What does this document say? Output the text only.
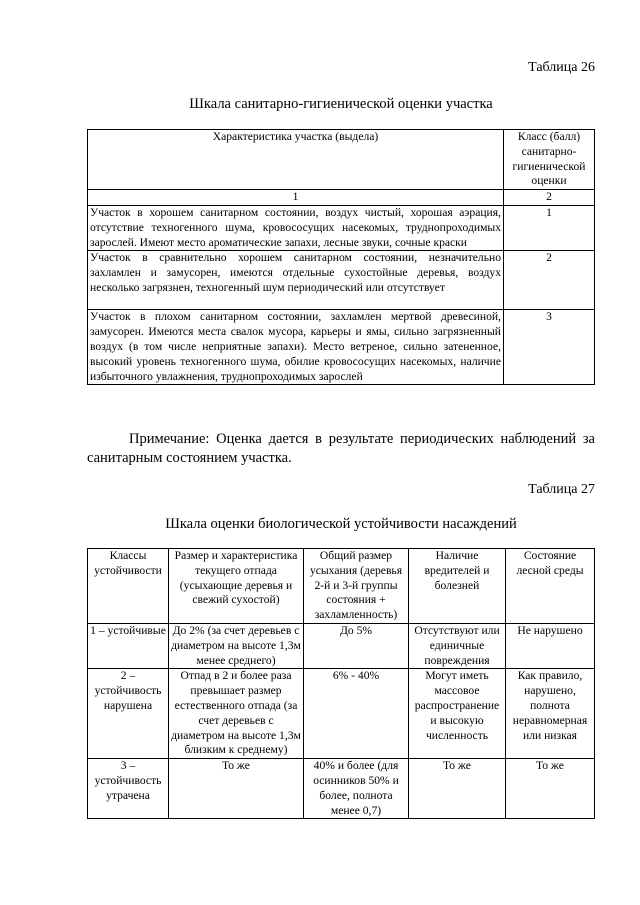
Таблица 26
Шкала санитарно-гигиенической оценки участка
Характеристика участка (выдела)	Класс (балл) санитарно-гигиенической оценки
1	2
Участок в хорошем санитарном состоянии, воздух чистый, хорошая аэрация, отсутствие техногенного шума, кровососущих насекомых, труднопроходимых зарослей. Имеют место ароматические запахи, лесные звуки, сочные краски	1
Участок в сравнительно хорошем санитарном состоянии, незначительно захламлен и замусорен, имеются отдельные сухостойные деревья, воздух несколько загрязнен, техногенный шум периодический или отсутствует	2
Участок в плохом санитарном состоянии, захламлен мертвой древесиной, замусорен. Имеются места свалок мусора, карьеры и ямы, сильно загрязненный воздух (в том числе неприятные запахи). Место ветреное, сильно затененное, высокий уровень техногенного шума, обилие кровососущих насекомых, наличие избыточного увлажнения, труднопроходимых зарослей	3
Примечание: Оценка дается в результате периодических наблюдений за санитарным состоянием участка.
Таблица 27
Шкала оценки биологической устойчивости насаждений
Классы устойчивости	Размер и характеристика текущего отпада (усыхающие деревья и свежий сухостой)	Общий размер усыхания (деревья 2-й и 3-й группы состояния + захламленность)	Наличие вредителей и болезней	Состояние лесной среды
1 – устойчивые	До 2% (за счет деревьев с диаметром на высоте 1,3м менее среднего)	До 5%	Отсутствуют или единичные повреждения	Не нарушено
2 – устойчивость нарушена	Отпад в 2 и более раза превышает размер естественного отпада (за счет деревьев с диаметром на высоте 1,3м близким к среднему)	6% - 40%	Могут иметь массовое распространение и высокую численность	Как правило, нарушено, полнота неравномерная или низкая
3 – устойчивость утрачена	То же	40% и более (для осинников 50% и более, полнота менее 0,7)	То же	То же
